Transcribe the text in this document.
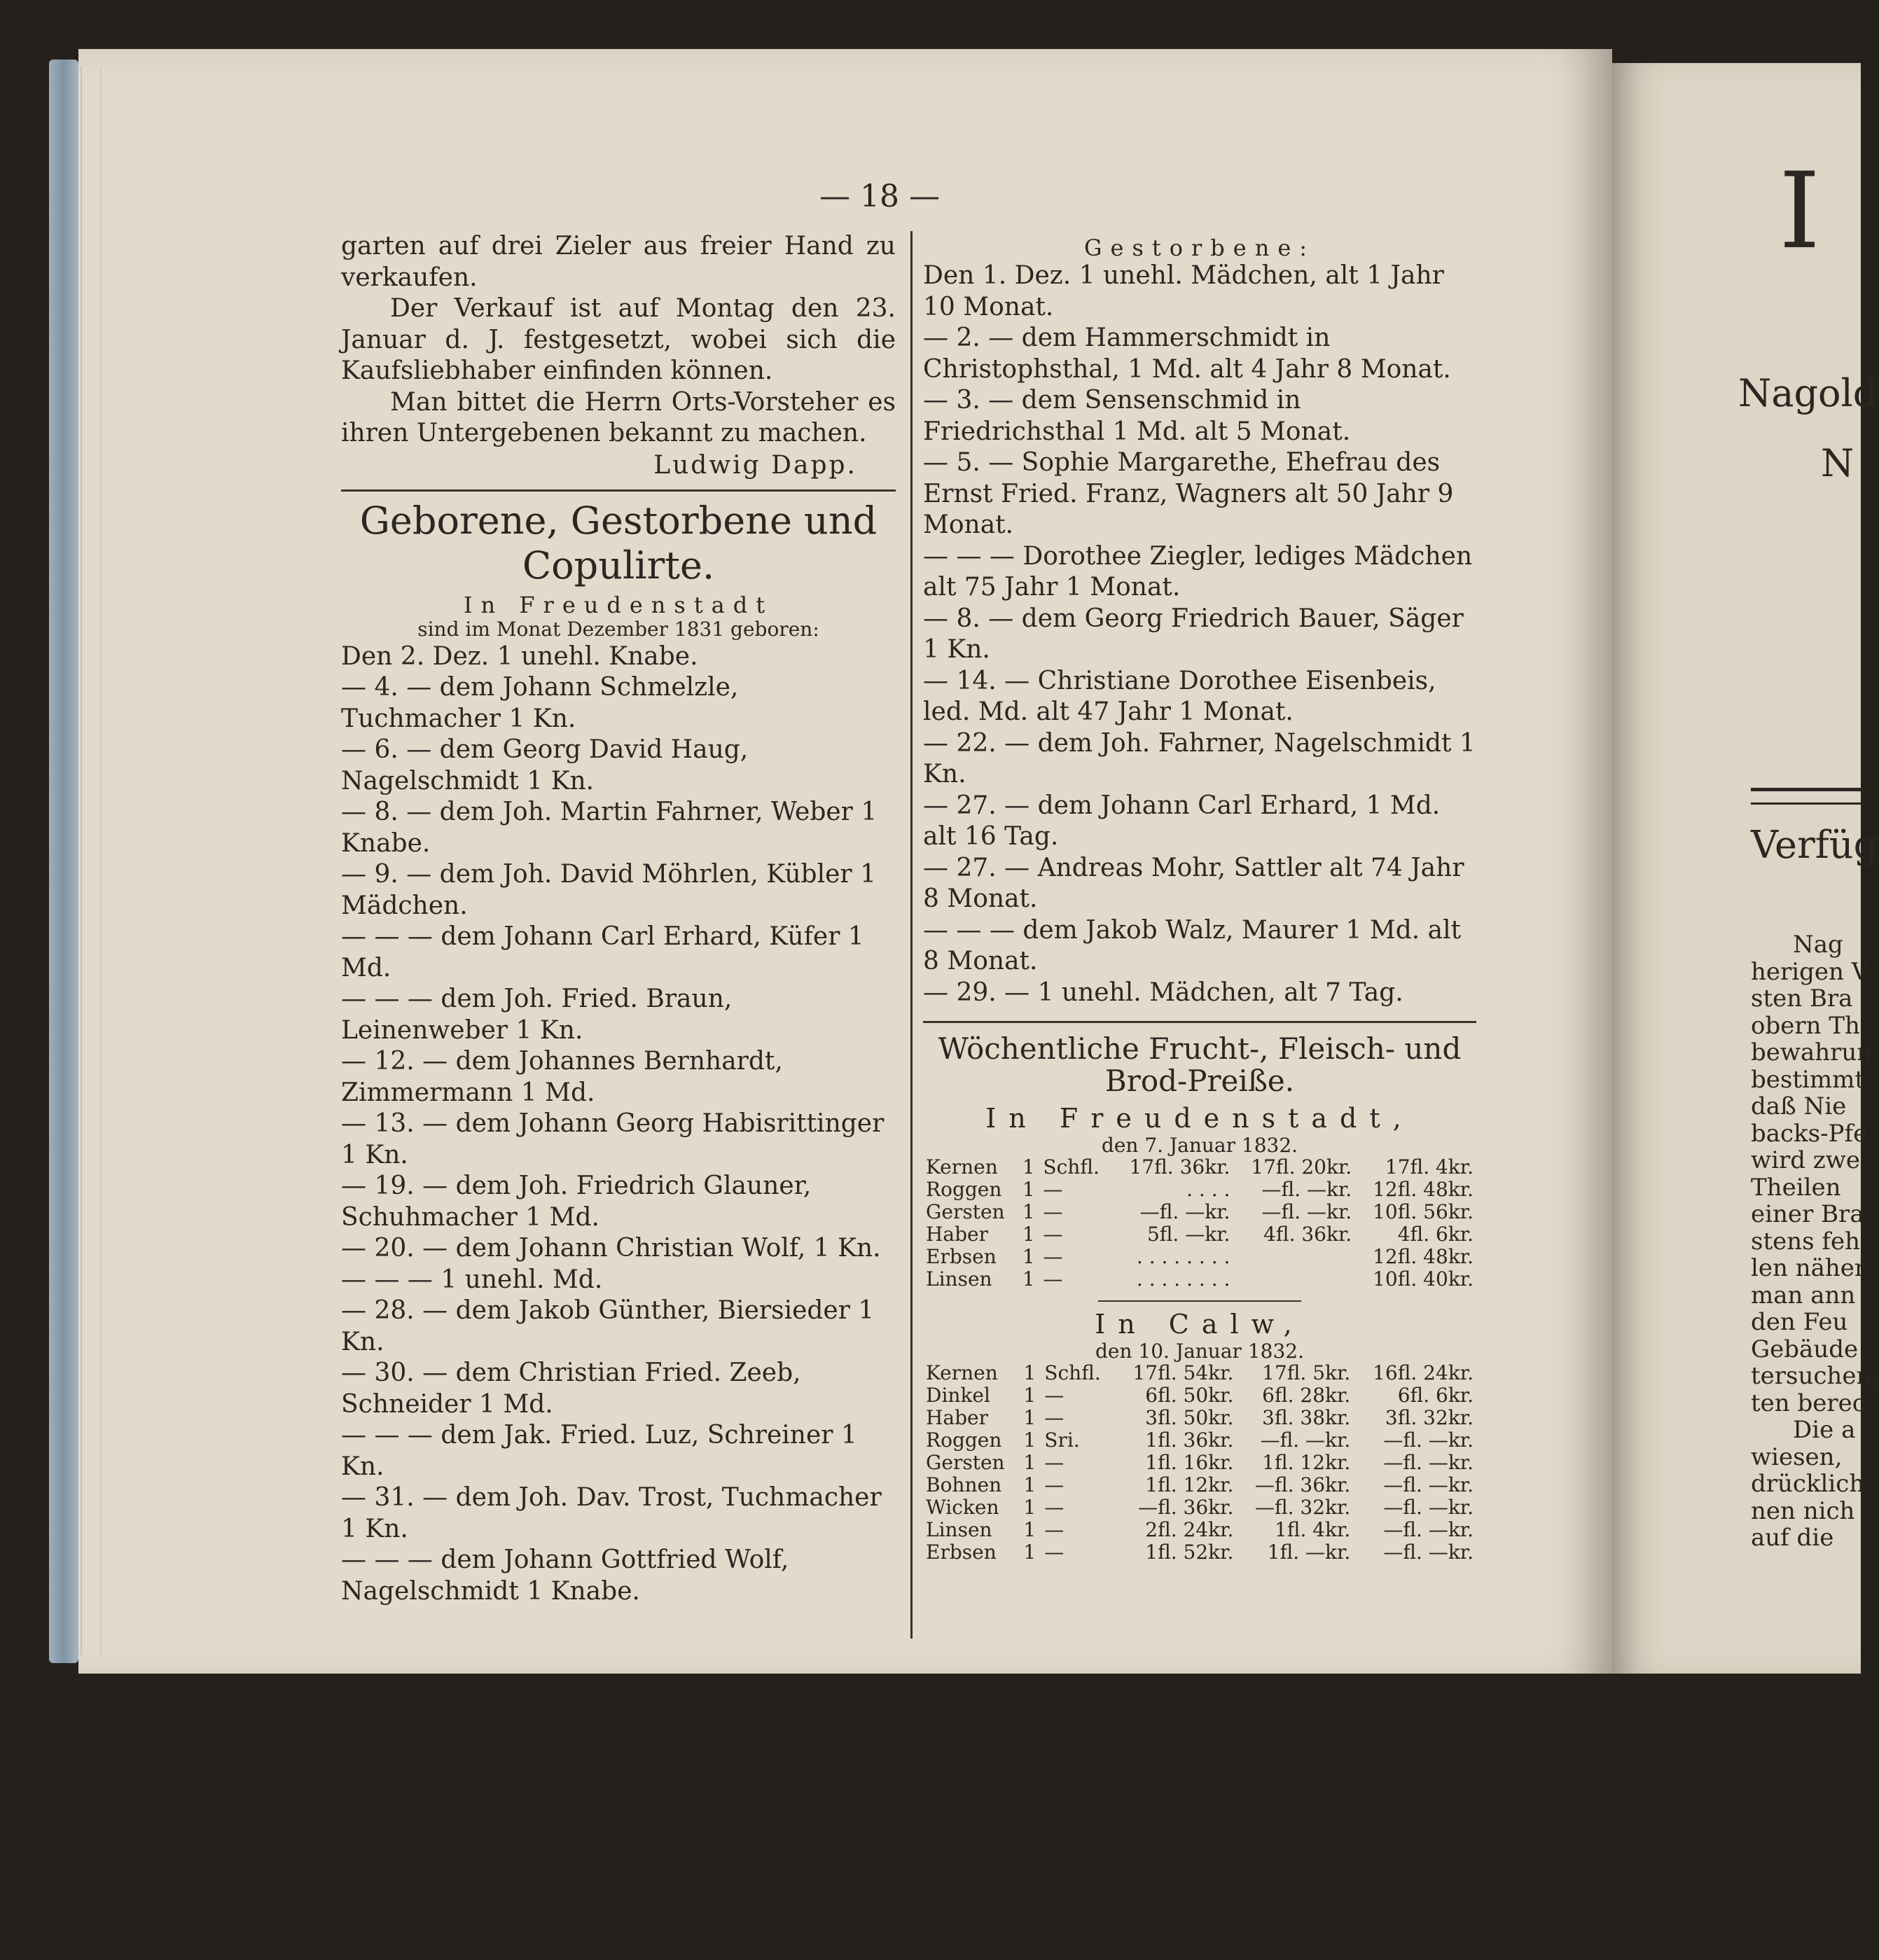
— 18 —

garten auf drei Zieler aus freier Hand zu verkaufen.

Der Verkauf ist auf Montag den 23. Januar d. J. festgesetzt, wobei sich die Kaufsliebhaber einfinden können.

Man bittet die Herrn Orts-Vorsteher es ihren Untergebenen bekannt zu machen.

Ludwig Dapp.
Geborene, Gestorbene und Copulirte.
In Freudenstadt
sind im Monat Dezember 1831 geboren:
Den 2. Dez. 1 unehl. Knabe.
— 4. — dem Johann Schmelzle, Tuchmacher 1 Kn.
— 6. — dem Georg David Haug, Nagelschmidt 1 Kn.
— 8. — dem Joh. Martin Fahrner, Weber 1 Knabe.
— 9. — dem Joh. David Möhrlen, Kübler 1 Mädchen.
— — — dem Johann Carl Erhard, Küfer 1 Md.
— — — dem Joh. Fried. Braun, Leinenweber 1 Kn.
— 12. — dem Johannes Bernhardt, Zimmermann 1 Md.
— 13. — dem Johann Georg Habisrittinger 1 Kn.
— 19. — dem Joh. Friedrich Glauner, Schuhmacher 1 Md.
— 20. — dem Johann Christian Wolf, 1 Kn.
— — — 1 unehl. Md.
— 28. — dem Jakob Günther, Biersieder 1 Kn.
— 30. — dem Christian Fried. Zeeb, Schneider 1 Md.
— — — dem Jak. Fried. Luz, Schreiner 1 Kn.
— 31. — dem Joh. Dav. Trost, Tuchmacher 1 Kn.
— — — dem Johann Gottfried Wolf, Nagelschmidt 1 Knabe.
Gestorbene:
Den 1. Dez. 1 unehl. Mädchen, alt 1 Jahr 10 Monat.
— 2. — dem Hammerschmidt in Christophsthal, 1 Md. alt 4 Jahr 8 Monat.
— 3. — dem Sensenschmid in Friedrichsthal 1 Md. alt 5 Monat.
— 5. — Sophie Margarethe, Ehefrau des Ernst Fried. Franz, Wagners alt 50 Jahr 9 Monat.
— — — Dorothee Ziegler, lediges Mädchen alt 75 Jahr 1 Monat.
— 8. — dem Georg Friedrich Bauer, Säger 1 Kn.
— 14. — Christiane Dorothee Eisenbeis, led. Md. alt 47 Jahr 1 Monat.
— 22. — dem Joh. Fahrner, Nagelschmidt 1 Kn.
— 27. — dem Johann Carl Erhard, 1 Md. alt 16 Tag.
— 27. — Andreas Mohr, Sattler alt 74 Jahr 8 Monat.
— — — dem Jakob Walz, Maurer 1 Md. alt 8 Monat.
— 29. — 1 unehl. Mädchen, alt 7 Tag.
Wöchentliche Frucht-, Fleisch- und Brod-Preiße.
In Freudenstadt,
den 7. Januar 1832.
Kernen	1	Schfl.	17fl. 36kr.	17fl. 20kr.	17fl. 4kr.
Roggen	1	—	. . . .	—fl. —kr.	12fl. 48kr.
Gersten	1	—	—fl. —kr.	—fl. —kr.	10fl. 56kr.
Haber	1	—	5fl. —kr.	4fl. 36kr.	4fl. 6kr.
Erbsen	1	—	. . . . . . . .		12fl. 48kr.
Linsen	1	—	. . . . . . . .		10fl. 40kr.
In Calw,
den 10. Januar 1832.
Kernen	1	Schfl.	17fl. 54kr.	17fl. 5kr.	16fl. 24kr.
Dinkel	1	—	6fl. 50kr.	6fl. 28kr.	6fl. 6kr.
Haber	1	—	3fl. 50kr.	3fl. 38kr.	3fl. 32kr.
Roggen	1	Sri.	1fl. 36kr.	—fl. —kr.	—fl. —kr.
Gersten	1	—	1fl. 16kr.	1fl. 12kr.	—fl. —kr.
Bohnen	1	—	1fl. 12kr.	—fl. 36kr.	—fl. —kr.
Wicken	1	—	—fl. 36kr.	—fl. 32kr.	—fl. —kr.
Linsen	1	—	2fl. 24kr.	1fl. 4kr.	—fl. —kr.
Erbsen	1	—	1fl. 52kr.	1fl. —kr.	—fl. —kr.
I
Nagold
N
Verfüg
Nag
herigen V
sten Bra
obern Th
bewahrun
bestimmt
daß Nie
backs-Pfe
wird zwe
Theilen
einer Bra
stens feh
len näher
man ann
den Feu
Gebäude
tersuchen,
ten berec
Die a
wiesen,
drücklich
nen nich
auf die
